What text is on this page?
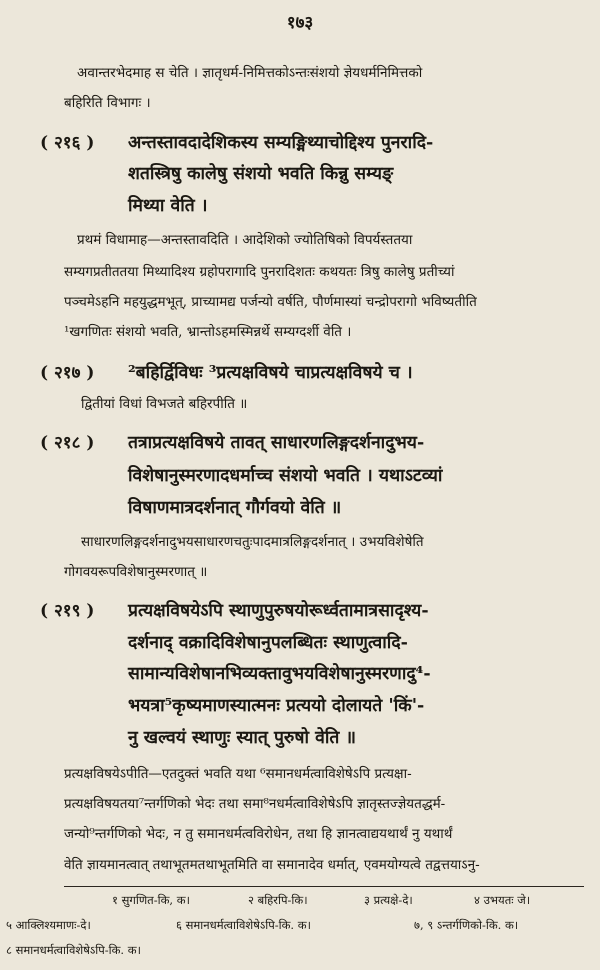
१७३
अवान्तरभेदमाह स चेति । ज्ञातृधर्म-निमित्तकोऽन्तःसंशयो ज्ञेयधर्मनिमित्तको
बहिरिति विभागः ।
( २१६ ) अन्तस्तावदादेशिकस्य सम्यङ्मिथ्याचोद्दिश्य पुनरादि-
शतस्त्रिषु कालेषु संशयो भवति किन्नु सम्यङ्
मिथ्या वेति ।
प्रथमं विधामाह—अन्तस्तावदिति । आदेशिको ज्योतिषिको विपर्यस्ततया
सम्यगप्रतीततया मिथ्यादिश्य ग्रहोपरागादि पुनरादिशतः कथयतः त्रिषु कालेषु प्रतीच्यां
पञ्चमेऽहनि महयुद्धमभूत्, प्राच्यामद्य पर्जन्यो वर्षति, पौर्णमास्यां चन्द्रोपरागो भविष्यतीति
¹खगणितः संशयो भवति, भ्रान्तोऽहमस्मिन्नर्थे सम्यग्दर्शी वेति ।
( २१७ ) ²बहिर्द्विविधः ³प्रत्यक्षविषये चाप्रत्यक्षविषये च ।
द्वितीयां विधां विभजते बहिरपीति ॥
( २१८ ) तत्राप्रत्यक्षविषये तावत् साधारणलिङ्गदर्शनादुभय-
विशेषानुस्मरणादधर्माच्च संशयो भवति । यथाऽटव्यां
विषाणमात्रदर्शनात् गौर्गवयो वेति ॥
साधारणलिङ्गदर्शनादुभयसाधारणचतुःपादमात्रलिङ्गदर्शनात् । उभयविशेषेति
गोगवयरूपविशेषानुस्मरणात् ॥
( २१९ ) प्रत्यक्षविषयेऽपि स्थाणुपुरुषयोरूर्ध्वतामात्रसादृश्य-
दर्शनाद् वक्रादिविशेषानुपलब्धितः स्थाणुत्वादि-
सामान्यविशेषानभिव्यक्तावुभयविशेषानुस्मरणादु⁴-
भयत्रा⁵कृष्यमाणस्यात्मनः प्रत्ययो दोलायते 'किं'-
नु खल्वयं स्थाणुः स्यात् पुरुषो वेति ॥
प्रत्यक्षविषयेऽपीति—एतदुक्तं भवति यथा ⁶समानधर्मत्वाविशेषेऽपि प्रत्यक्षा-
प्रत्यक्षविषयतया⁷न्तर्गणिको भेदः तथा समा⁸नधर्मत्वाविशेषेऽपि ज्ञातृस्तज्ज्ञेयतद्धर्म-
जन्यो⁹न्तर्गणिको भेदः, न तु समानधर्मत्वविरोधेन, तथा हि ज्ञानत्वाद्ययथार्थं नु यथार्थं
वेति ज्ञायमानत्वात् तथाभूतमतथाभूतमिति वा समानादेव धर्मात्, एवमयोग्यत्वे तद्वत्तयाऽनु-
१ सुगणित-कि, क।	२ बहिरपि-कि।	३ प्रत्यक्षे-दे।	४ उभयतः जे।
५ आक्लिश्यमाणः-दे।	६ समानधर्मत्वाविशेषेऽपि-कि. क।	७, ९ ऽन्तर्गणिको-कि. क।
८ समानधर्मत्वाविशेषेऽपि-कि. क।
